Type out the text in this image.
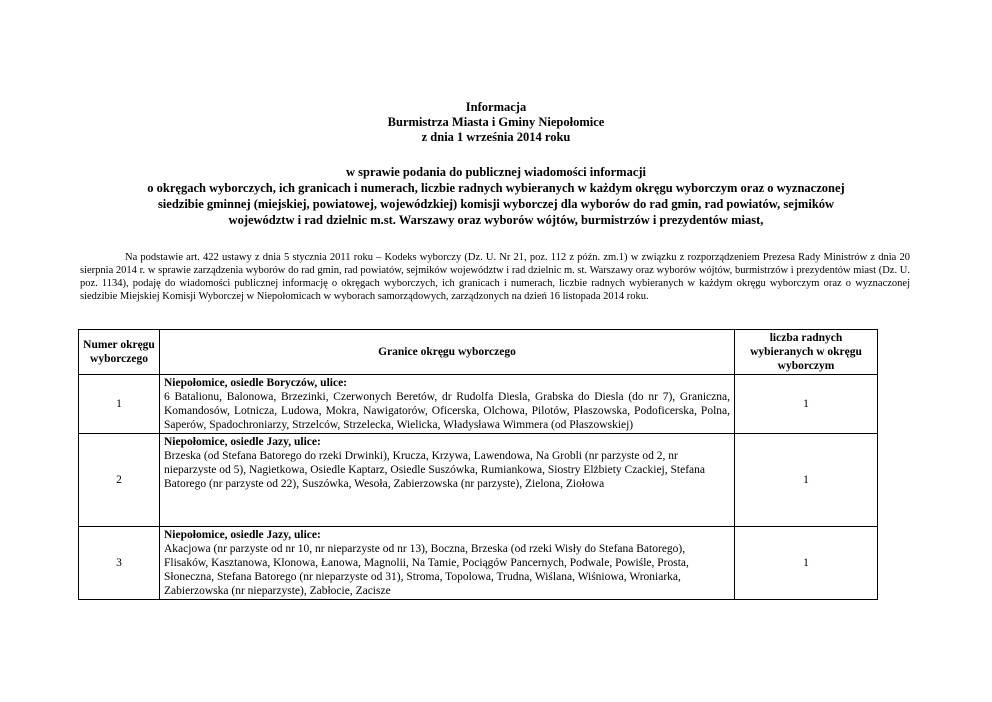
Informacja
Burmistrza Miasta i Gminy Niepołomice
z dnia 1 września 2014 roku
w sprawie podania do publicznej wiadomości informacji
o okręgach wyborczych, ich granicach i numerach, liczbie radnych wybieranych w każdym okręgu wyborczym oraz o wyznaczonej
siedzibie gminnej (miejskiej, powiatowej, wojewódzkiej) komisji wyborczej dla wyborów do rad gmin, rad powiatów, sejmików
województw i rad dzielnic m.st. Warszawy oraz wyborów wójtów, burmistrzów i prezydentów miast,

Na podstawie art. 422 ustawy z dnia 5 stycznia 2011 roku – Kodeks wyborczy (Dz. U. Nr 21, poz. 112 z późn. zm.1) w związku z rozporządzeniem Prezesa Rady Ministrów z dnia 20 sierpnia 2014 r. w sprawie zarządzenia wyborów do rad gmin, rad powiatów, sejmików województw i rad dzielnic m. st. Warszawy oraz wyborów wójtów, burmistrzów i prezydentów miast (Dz. U. poz. 1134), podaję do wiadomości publicznej informację o okręgach wyborczych, ich granicach i numerach, liczbie radnych wybieranych w każdym okręgu wyborczym oraz o wyznaczonej siedzibie Miejskiej Komisji Wyborczej w Niepołomicach w wyborach samorządowych, zarządzonych na dzień 16 listopada 2014 roku.

Numer okręgu wyborczego	Granice okręgu wyborczego	liczba radnych wybieranych w okręgu wyborczym
1	Niepołomice, osiedle Boryczów, ulice:
6 Batalionu, Balonowa, Brzezinki, Czerwonych Beretów, dr Rudolfa Diesla, Grabska do Diesla (do nr 7), Graniczna, Komandosów, Lotnicza, Ludowa, Mokra, Nawigatorów, Oficerska, Olchowa, Pilotów, Płaszowska, Podoficerska, Polna, Saperów, Spadochroniarzy, Strzelców, Strzelecka, Wielicka, Władysława Wimmera (od Płaszowskiej)	1
2	Niepołomice, osiedle Jazy, ulice:
Brzeska (od Stefana Batorego do rzeki Drwinki), Krucza, Krzywa, Lawendowa, Na Grobli (nr parzyste od 2, nr nieparzyste od 5), Nagietkowa, Osiedle Kaptarz, Osiedle Suszówka, Rumiankowa, Siostry Elżbiety Czackiej, Stefana Batorego (nr parzyste od 22), Suszówka, Wesoła, Zabierzowska (nr parzyste), Zielona, Ziołowa	1
3	Niepołomice, osiedle Jazy, ulice:
Akacjowa (nr parzyste od nr 10, nr nieparzyste od nr 13), Boczna, Brzeska (od rzeki Wisły do Stefana Batorego), Flisaków, Kasztanowa, Klonowa, Łanowa, Magnolii, Na Tamie, Pociągów Pancernych, Podwale, Powiśle, Prosta, Słoneczna, Stefana Batorego (nr nieparzyste od 31), Stroma, Topolowa, Trudna, Wiślana, Wiśniowa, Wroniarka, Zabierzowska (nr nieparzyste), Zabłocie, Zacisze	1
